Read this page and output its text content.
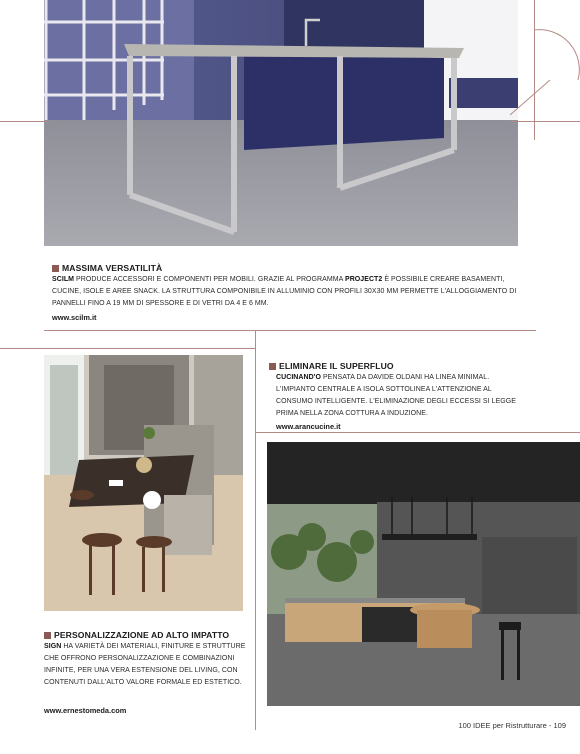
MASSIMA VERSATILITÀ
SCILM PRODUCE ACCESSORI E COMPONENTI PER MOBILI. GRAZIE AL PROGRAMMA PROJECT2 È POSSIBILE CREARE BASAMENTI, CUCINE, ISOLE E AREE SNACK. LA STRUTTURA COMPONIBILE IN ALLUMINIO CON PROFILI 30X30 MM PERMETTE L'ALLOGGIAMENTO DI PANNELLI FINO A 19 MM DI SPESSORE E DI VETRI DA 4 E 6 MM.
www.scilm.it
ELIMINARE IL SUPERFLUO
CUCINAND'O PENSATA DA DAVIDE OLDANI HA LINEA MINIMAL. L'IMPIANTO CENTRALE A ISOLA SOTTOLINEA L'ATTENZIONE AL CONSUMO INTELLIGENTE. L'ELIMINAZIONE DEGLI ECCESSI SI LEGGE PRIMA NELLA ZONA COTTURA A INDUZIONE.
www.arancucine.it
PERSONALIZZAZIONE AD ALTO IMPATTO
SIGN HA VARIETÀ DEI MATERIALI, FINITURE E STRUTTURE CHE OFFRONO PERSONALIZZAZIONE E COMBINAZIONI INFINITE, PER UNA VERA ESTENSIONE DEL LIVING, CON CONTENUTI DALL'ALTO VALORE FORMALE ED ESTETICO.
www.ernestomeda.com
100 IDEE per Ristrutturare - 109
